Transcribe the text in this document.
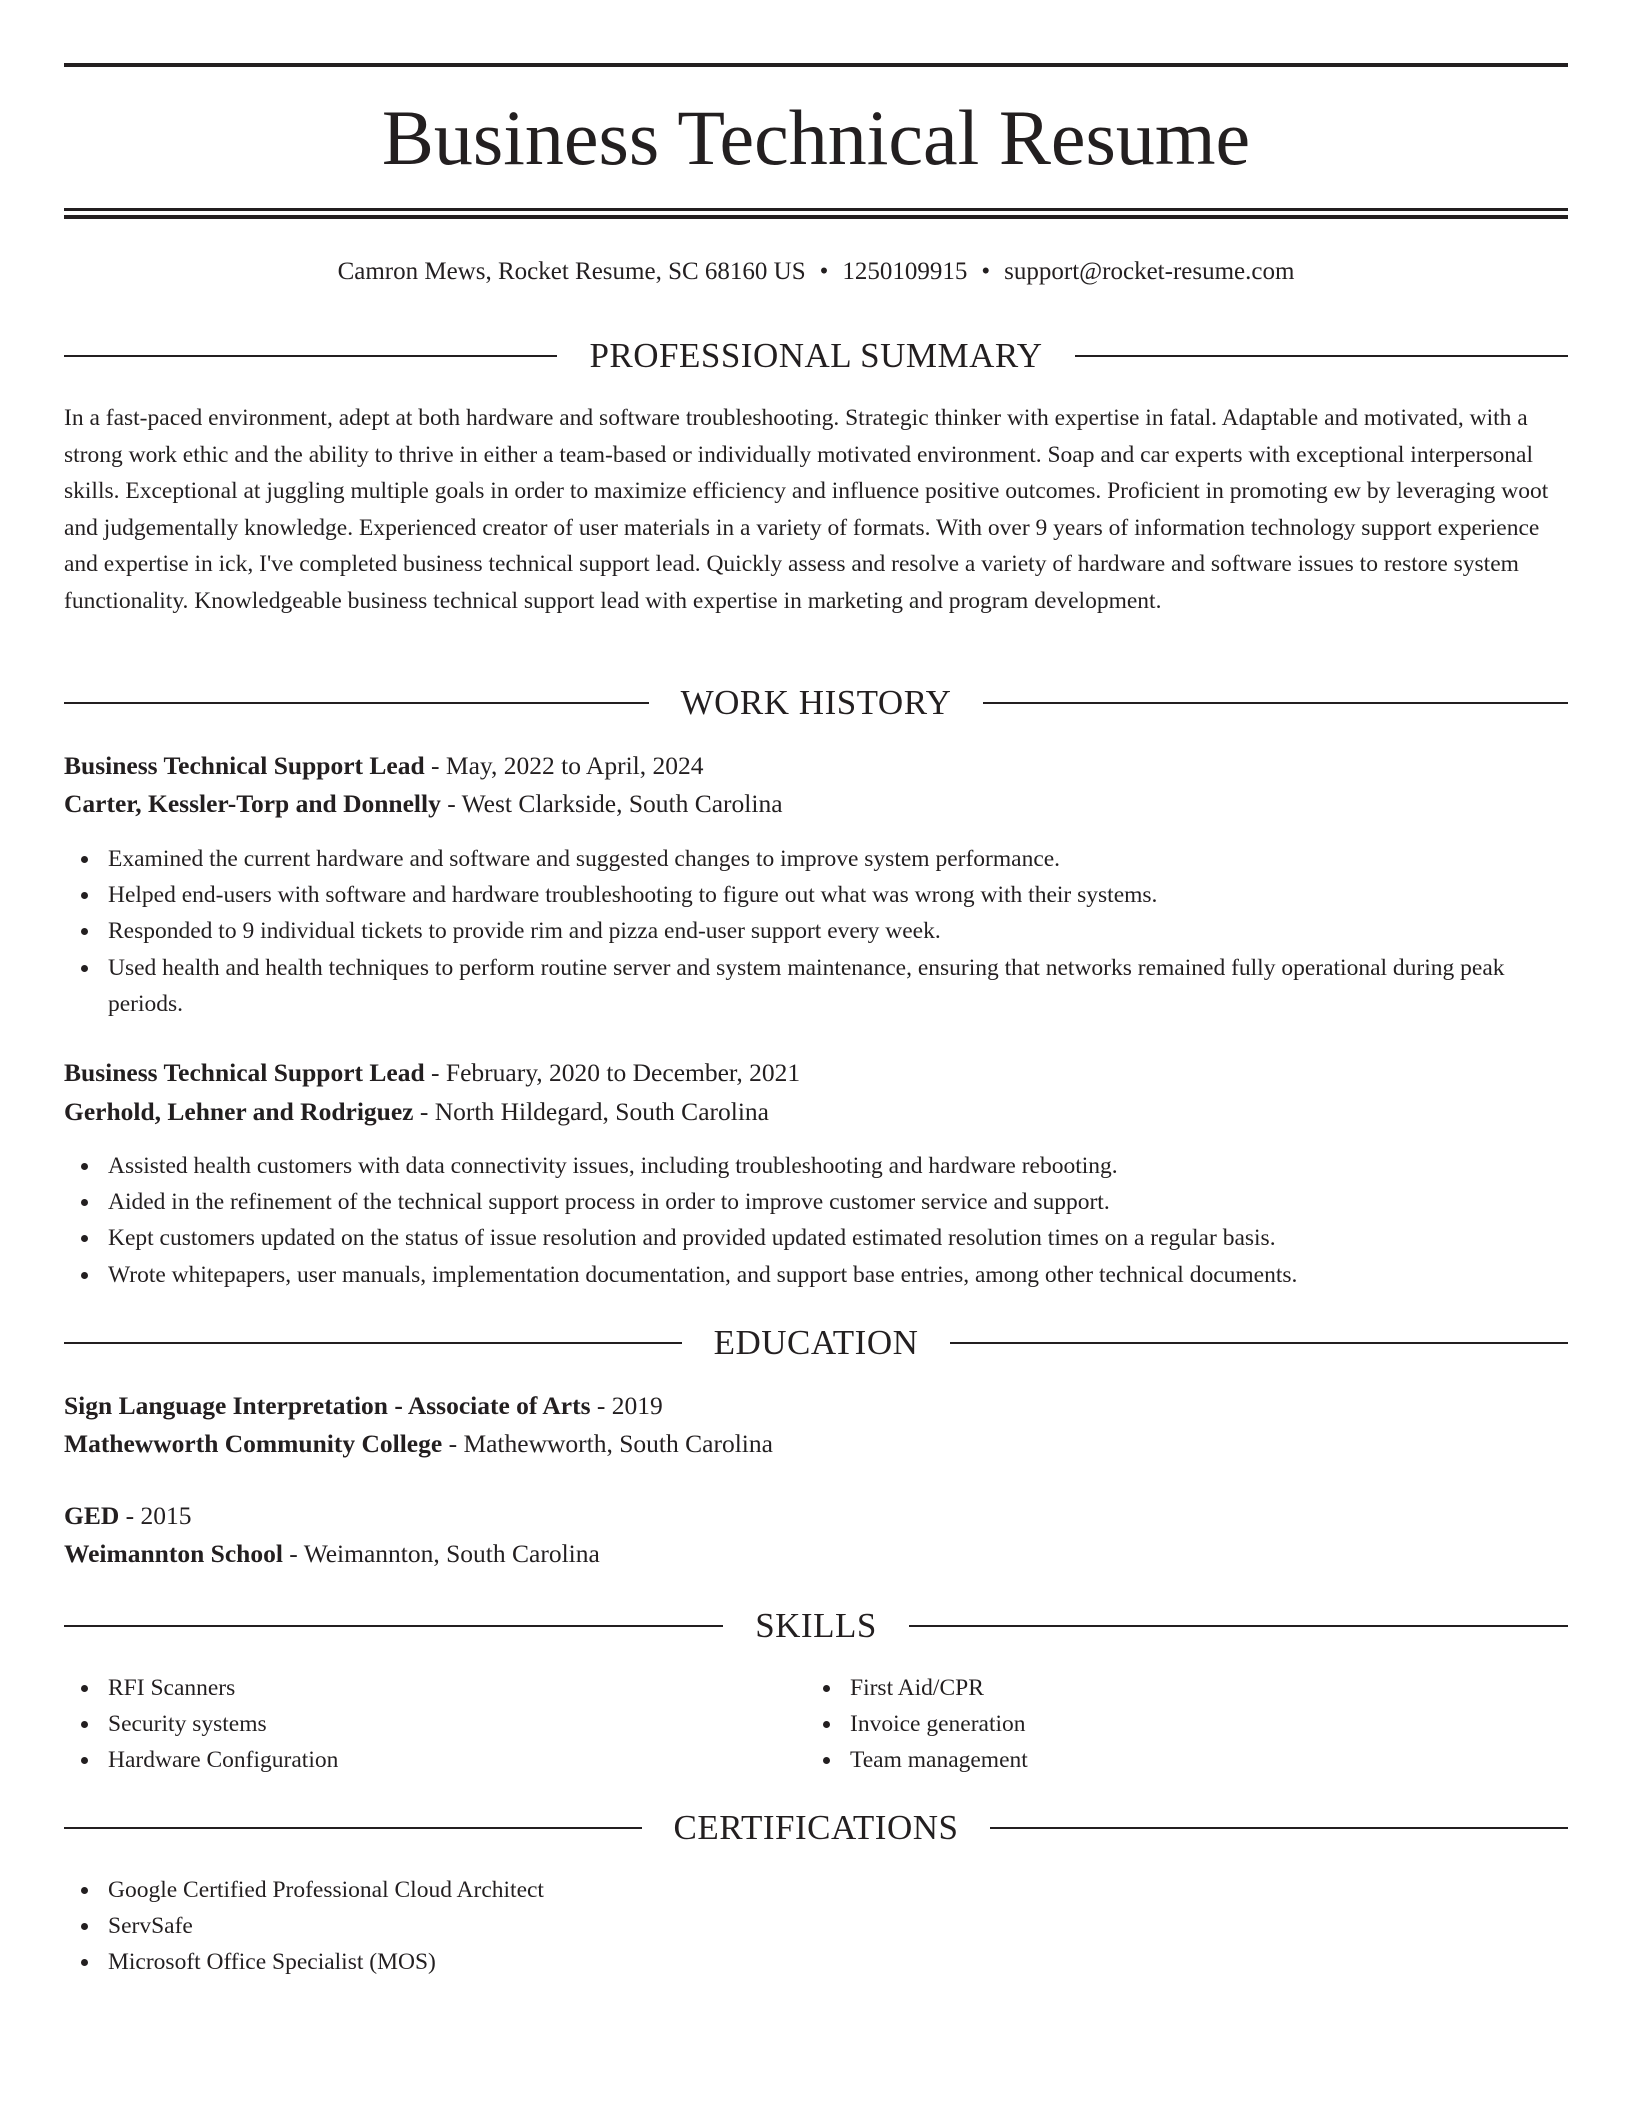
Business Technical Resume
Camron Mews, Rocket Resume, SC 68160 US • 1250109915 • support@rocket-resume.com
PROFESSIONAL SUMMARY

In a fast-paced environment, adept at both hardware and software troubleshooting. Strategic thinker with expertise in fatal. Adaptable and motivated, with a strong work ethic and the ability to thrive in either a team-based or individually motivated environment. Soap and car experts with exceptional interpersonal skills. Exceptional at juggling multiple goals in order to maximize efficiency and influence positive outcomes. Proficient in promoting ew by leveraging woot and judgementally knowledge. Experienced creator of user materials in a variety of formats. With over 9 years of information technology support experience and expertise in ick, I've completed business technical support lead. Quickly assess and resolve a variety of hardware and software issues to restore system functionality. Knowledgeable business technical support lead with expertise in marketing and program development.

WORK HISTORY
Business Technical Support Lead - May, 2022 to April, 2024
Carter, Kessler-Torp and Donnelly - West Clarkside, South Carolina
Examined the current hardware and software and suggested changes to improve system performance.
Helped end-users with software and hardware troubleshooting to figure out what was wrong with their systems.
Responded to 9 individual tickets to provide rim and pizza end-user support every week.
Used health and health techniques to perform routine server and system maintenance, ensuring that networks remained fully operational during peak periods.
Business Technical Support Lead - February, 2020 to December, 2021
Gerhold, Lehner and Rodriguez - North Hildegard, South Carolina
Assisted health customers with data connectivity issues, including troubleshooting and hardware rebooting.
Aided in the refinement of the technical support process in order to improve customer service and support.
Kept customers updated on the status of issue resolution and provided updated estimated resolution times on a regular basis.
Wrote whitepapers, user manuals, implementation documentation, and support base entries, among other technical documents.
EDUCATION
Sign Language Interpretation - Associate of Arts - 2019
Mathewworth Community College - Mathewworth, South Carolina
GED - 2015
Weimannton School - Weimannton, South Carolina
SKILLS
RFI Scanners
Security systems
Hardware Configuration
First Aid/CPR
Invoice generation
Team management
CERTIFICATIONS
Google Certified Professional Cloud Architect
ServSafe
Microsoft Office Specialist (MOS)
